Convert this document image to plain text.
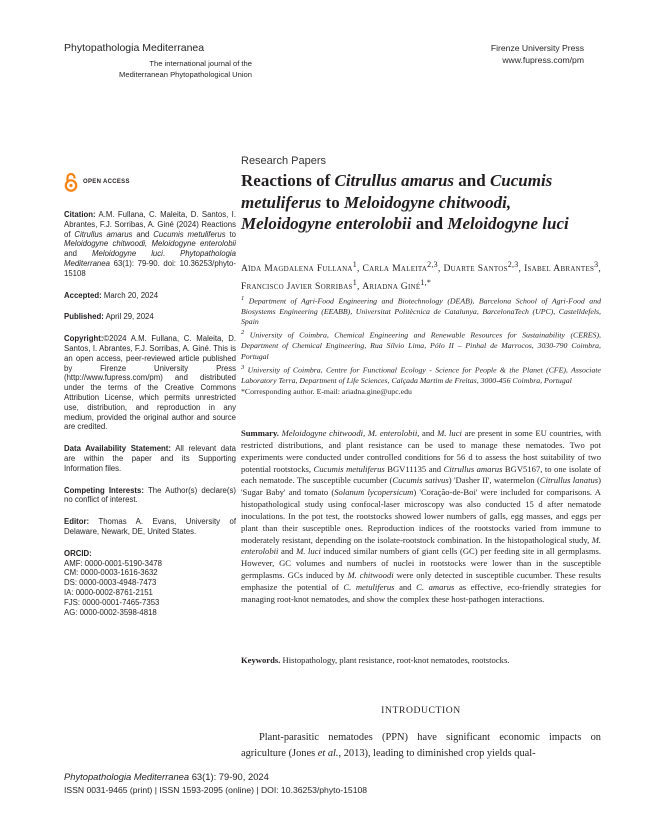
Phytopathologia Mediterranea
The international journal of the
Mediterranean Phytopathological Union
Firenze University Press
www.fupress.com/pm
OPEN ACCESS

Citation: A.M. Fullana, C. Maleita, D. Santos, I. Abrantes, F.J. Sorribas, A. Giné (2024) Reactions of Citrullus amarus and Cucumis metuliferus to Meloidogyne chitwoodi, Meloidogyne enterolobii and Meloidogyne luci. Phytopathologia Mediterranea 63(1): 79-90. doi: 10.36253/phyto-15108

Accepted: March 20, 2024

Published: April 29, 2024

Copyright:©2024 A.M. Fullana, C. Maleita, D. Santos, I. Abrantes, F.J. Sorribas, A. Giné. This is an open access, peer-reviewed article published by Firenze University Press (http://www.fupress.com/pm) and distributed under the terms of the Creative Commons Attribution License, which permits unrestricted use, distribution, and reproduction in any medium, provided the original author and source are credited.

Data Availability Statement: All relevant data are within the paper and its Supporting Information files.

Competing Interests: The Author(s) declare(s) no conflict of interest.

Editor: Thomas A. Evans, University of Delaware, Newark, DE, United States.

ORCID:
AMF: 0000-0001-5190-3478
CM: 0000-0003-1616-3632
DS: 0000-0003-4948-7473
IA: 0000-0002-8761-2151
FJS: 0000-0001-7465-7353
AG: 0000-0002-3598-4818
Research Papers
Reactions of Citrullus amarus and Cucumis metuliferus to Meloidogyne chitwoodi, Meloidogyne enterolobii and Meloidogyne luci
Aïda Magdalena Fullana$^1$, Carla Maleita$^{2,3}$, Duarte Santos$^{2,3}$, Isabel Abrantes$^3$, Francisco Javier Sorribas$^1$, Ariadna Giné$^{1,*}$

$^1$ Department of Agri-Food Engineering and Biotechnology (DEAB), Barcelona School of Agri-Food and Biosystems Engineering (EEABB), Universitat Politècnica de Catalunya, BarcelonaTech (UPC), Castelldefels, Spain

$^2$ University of Coimbra, Chemical Engineering and Renewable Resources for Sustainability (CERES), Department of Chemical Engineering, Rua Sílvio Lima, Pólo II – Pinhal de Marrocos, 3030-790 Coimbra, Portugal

$^3$ University of Coimbra, Centre for Functional Ecology - Science for People & the Planet (CFE), Associate Laboratory Terra, Department of Life Sciences, Calçada Martim de Freitas, 3000-456 Coimbra, Portugal

*Corresponding author. E-mail: ariadna.gine@upc.edu

Summary. Meloidogyne chitwoodi, M. enterolobii, and M. luci are present in some EU countries, with restricted distributions, and plant resistance can be used to manage these nematodes. Two pot experiments were conducted under controlled conditions for 56 d to assess the host suitability of two potential rootstocks, Cucumis metuliferus BGV11135 and Citrullus amarus BGV5167, to one isolate of each nematode. The susceptible cucumber (Cucumis sativus) 'Dasher II', watermelon (Citrullus lanatus) 'Sugar Baby' and tomato (Solanum lycopersicum) 'Coração-de-Boi' were included for comparisons. A histopathological study using confocal-laser microscopy was also conducted 15 d after nematode inoculations. In the pot test, the rootstocks showed lower numbers of galls, egg masses, and eggs per plant than their susceptible ones. Reproduction indices of the rootstocks varied from immune to moderately resistant, depending on the isolate-rootstock combination. In the histopathological study, M. enterolobii and M. luci induced similar numbers of giant cells (GC) per feeding site in all germplasms. However, GC volumes and numbers of nuclei in rootstocks were lower than in the susceptible germplasms. GCs induced by M. chitwoodi were only detected in susceptible cucumber. These results emphasize the potential of C. metuliferus and C. amarus as effective, eco-friendly strategies for managing root-knot nematodes, and show the complex these host-pathogen interactions.
Keywords. Histopathology, plant resistance, root-knot nematodes, rootstocks.
INTRODUCTION
Plant-parasitic nematodes (PPN) have significant economic impacts on agriculture (Jones et al., 2013), leading to diminished crop yields qual-
Phytopathologia Mediterranea 63(1): 79-90, 2024
ISSN 0031-9465 (print) | ISSN 1593-2095 (online) | DOI: 10.36253/phyto-15108
